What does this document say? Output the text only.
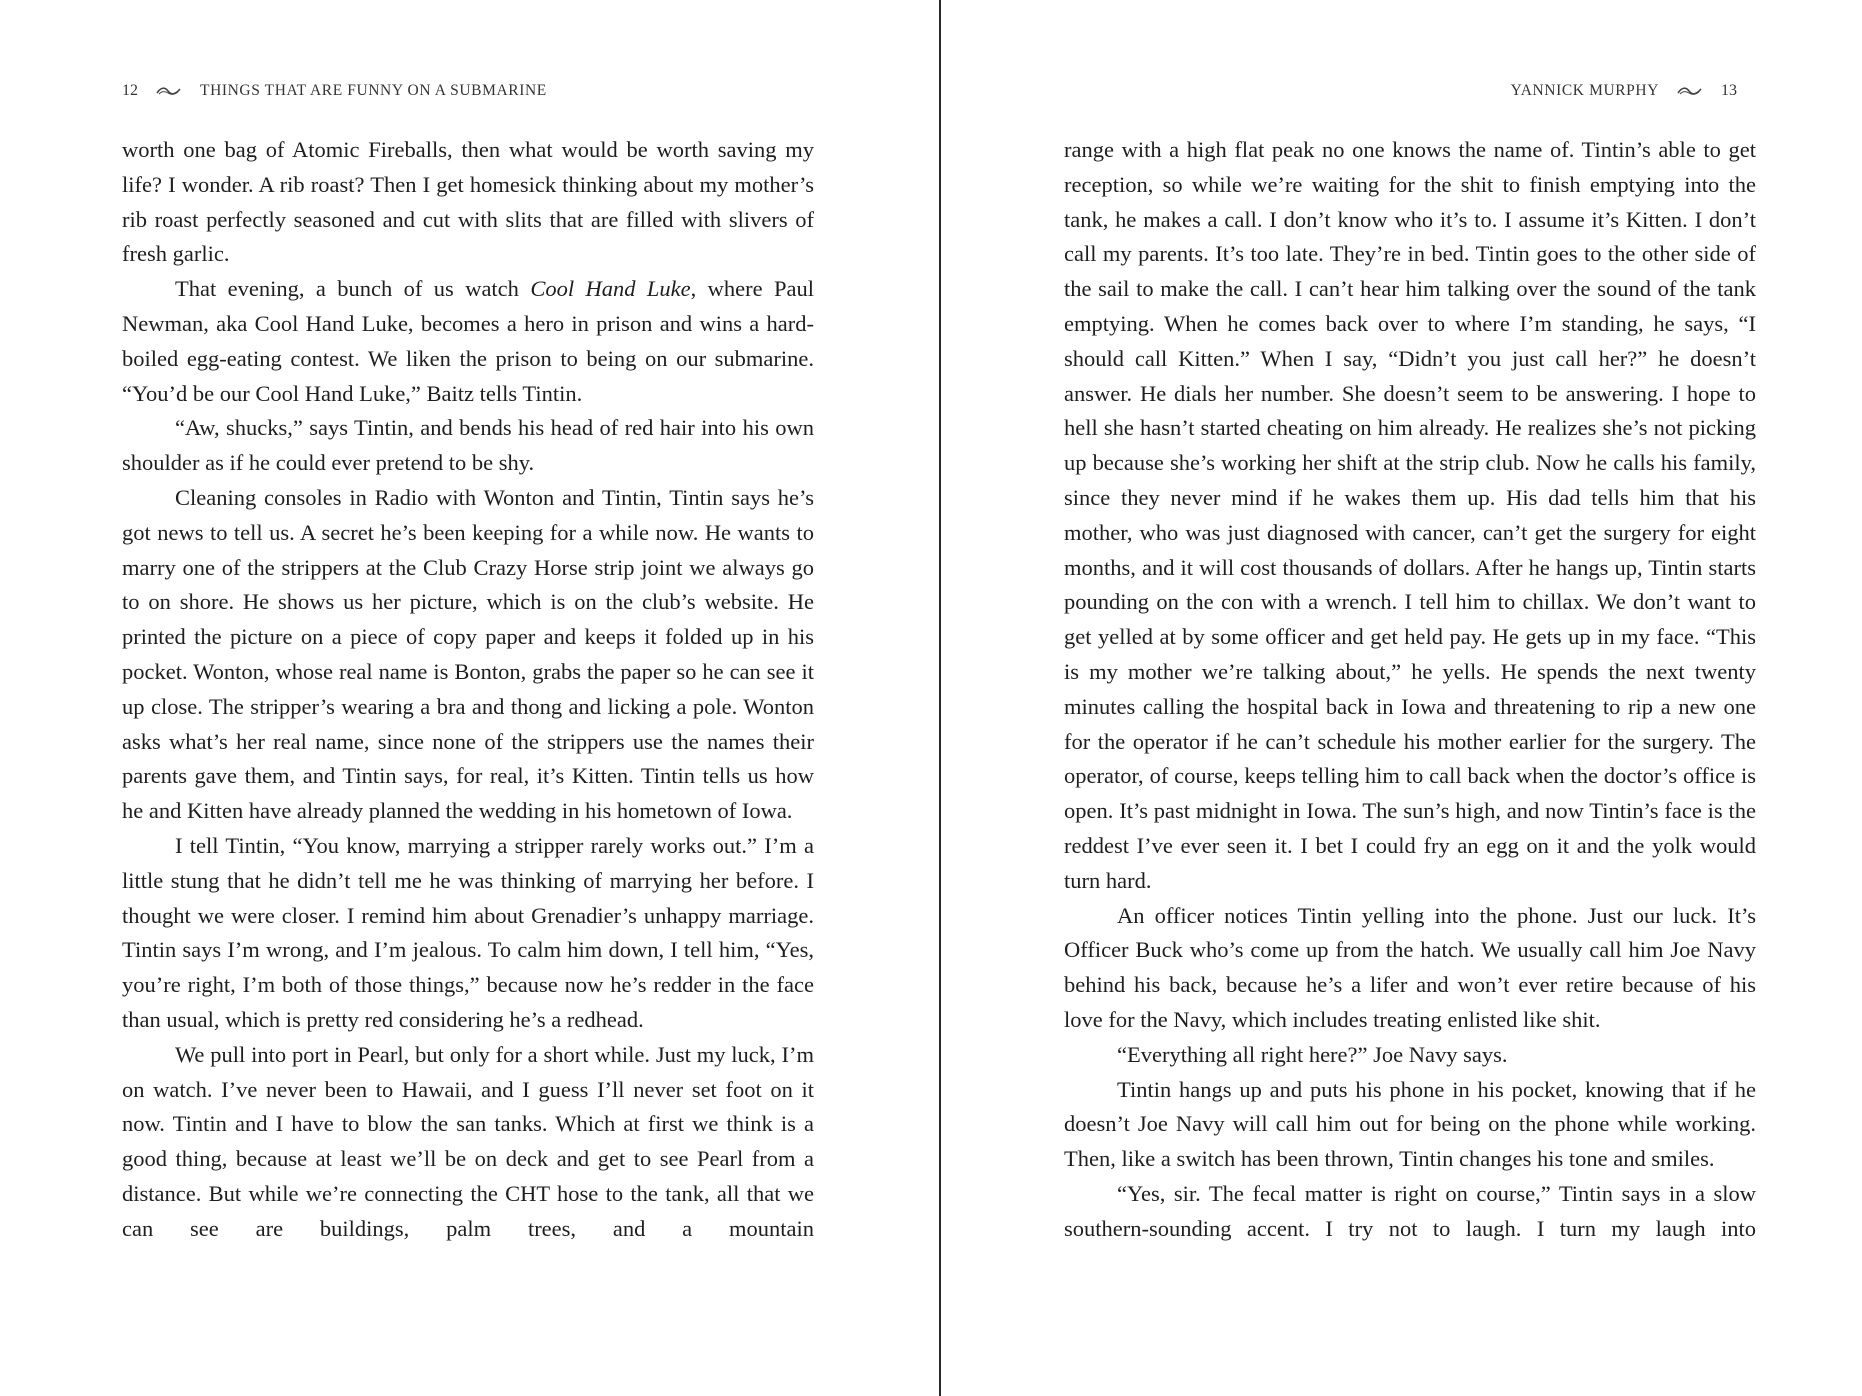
12	THINGS THAT ARE FUNNY ON A SUBMARINE

worth one bag of Atomic Fireballs, then what would be worth saving my life? I wonder. A rib roast? Then I get homesick thinking about my mother’s rib roast perfectly seasoned and cut with slits that are filled with slivers of fresh garlic.

That evening, a bunch of us watch Cool Hand Luke, where Paul Newman, aka Cool Hand Luke, becomes a hero in prison and wins a hard-boiled egg-eating contest. We liken the prison to being on our submarine. “You’d be our Cool Hand Luke,” Baitz tells Tintin.

“Aw, shucks,” says Tintin, and bends his head of red hair into his own shoulder as if he could ever pretend to be shy.

Cleaning consoles in Radio with Wonton and Tintin, Tintin says he’s got news to tell us. A secret he’s been keeping for a while now. He wants to marry one of the strippers at the Club Crazy Horse strip joint we always go to on shore. He shows us her picture, which is on the club’s website. He printed the picture on a piece of copy paper and keeps it folded up in his pocket. Wonton, whose real name is Bonton, grabs the paper so he can see it up close. The stripper’s wearing a bra and thong and licking a pole. Wonton asks what’s her real name, since none of the strippers use the names their parents gave them, and Tintin says, for real, it’s Kitten. Tintin tells us how he and Kitten have already planned the wedding in his hometown of Iowa.

I tell Tintin, “You know, marrying a stripper rarely works out.” I’m a little stung that he didn’t tell me he was thinking of marrying her before. I thought we were closer. I remind him about Grenadier’s unhappy marriage. Tintin says I’m wrong, and I’m jealous. To calm him down, I tell him, “Yes, you’re right, I’m both of those things,” because now he’s redder in the face than usual, which is pretty red considering he’s a redhead.

We pull into port in Pearl, but only for a short while. Just my luck, I’m on watch. I’ve never been to Hawaii, and I guess I’ll never set foot on it now. Tintin and I have to blow the san tanks. Which at first we think is a good thing, because at least we’ll be on deck and get to see Pearl from a distance. But while we’re connecting the CHT hose to the tank, all that we can see are buildings, palm trees, and a mountain

YANNICK MURPHY	13

range with a high flat peak no one knows the name of. Tintin’s able to get reception, so while we’re waiting for the shit to finish emptying into the tank, he makes a call. I don’t know who it’s to. I assume it’s Kitten. I don’t call my parents. It’s too late. They’re in bed. Tintin goes to the other side of the sail to make the call. I can’t hear him talking over the sound of the tank emptying. When he comes back over to where I’m standing, he says, “I should call Kitten.” When I say, “Didn’t you just call her?” he doesn’t answer. He dials her number. She doesn’t seem to be answering. I hope to hell she hasn’t started cheating on him already. He realizes she’s not picking up because she’s working her shift at the strip club. Now he calls his family, since they never mind if he wakes them up. His dad tells him that his mother, who was just diagnosed with cancer, can’t get the surgery for eight months, and it will cost thousands of dollars. After he hangs up, Tintin starts pounding on the con with a wrench. I tell him to chillax. We don’t want to get yelled at by some officer and get held pay. He gets up in my face. “This is my mother we’re talking about,” he yells. He spends the next twenty minutes calling the hospital back in Iowa and threatening to rip a new one for the operator if he can’t schedule his mother earlier for the surgery. The operator, of course, keeps telling him to call back when the doctor’s office is open. It’s past midnight in Iowa. The sun’s high, and now Tintin’s face is the reddest I’ve ever seen it. I bet I could fry an egg on it and the yolk would turn hard.

An officer notices Tintin yelling into the phone. Just our luck. It’s Officer Buck who’s come up from the hatch. We usually call him Joe Navy behind his back, because he’s a lifer and won’t ever retire because of his love for the Navy, which includes treating enlisted like shit.

“Everything all right here?” Joe Navy says.

Tintin hangs up and puts his phone in his pocket, knowing that if he doesn’t Joe Navy will call him out for being on the phone while working. Then, like a switch has been thrown, Tintin changes his tone and smiles.

“Yes, sir. The fecal matter is right on course,” Tintin says in a slow southern-sounding accent. I try not to laugh. I turn my laugh into
